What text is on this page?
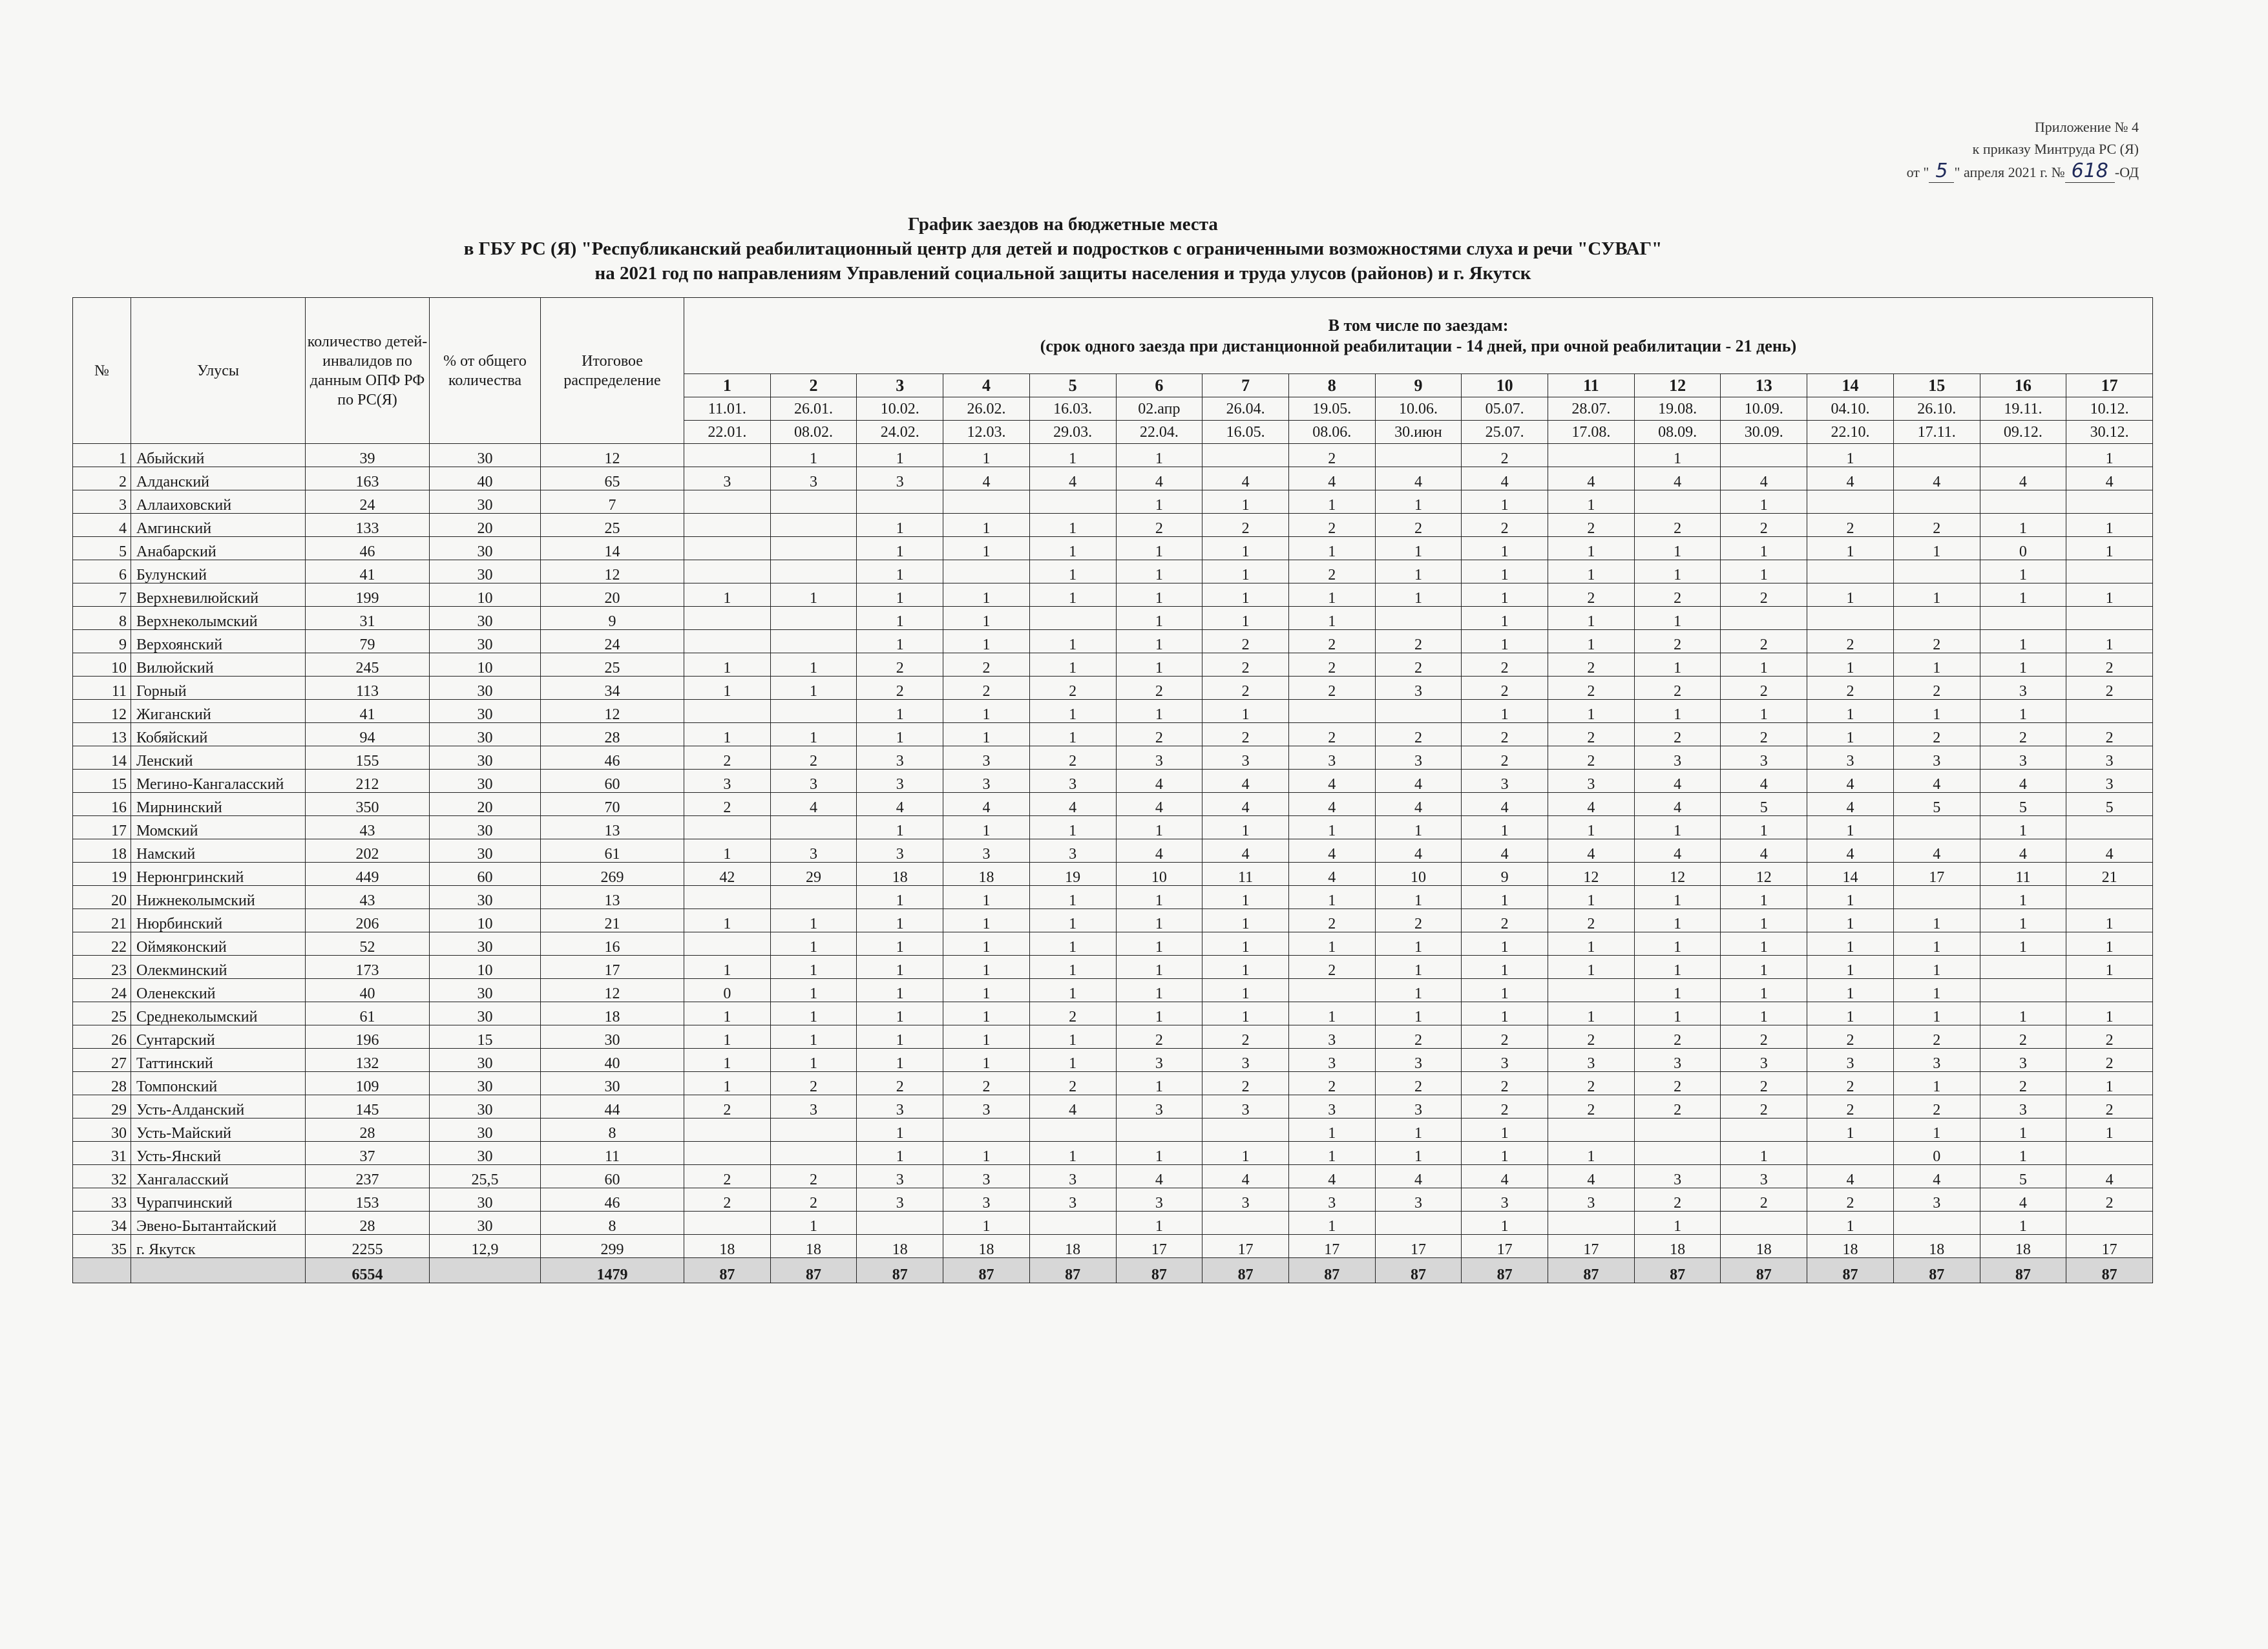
Приложение № 4
к приказу Минтруда РС (Я)
от " 5 " апреля 2021 г. № 618 -ОД
График заездов на бюджетные места
в ГБУ РС (Я) "Республиканский реабилитационный центр для детей и подростков с ограниченными возможностями слуха и речи "СУВАГ"
на 2021 год по направлениям Управлений социальной защиты населения и труда улусов (районов) и г. Якутск
№	Улусы	количество детей-инвалидов по данным ОПФ РФ по РС(Я)	% от общего количества	Итоговое распределение	В том числе по заездам:
(срок одного заезда при дистанционной реабилитации - 14 дней, при очной реабилитации - 21 день)																

					1	2	3	4	5	6	7	8	9	10	11	12	13	14	15	16	17
					11.01.	26.01.	10.02.	26.02.	16.03.	02.апр	26.04.	19.05.	10.06.	05.07.	28.07.	19.08.	10.09.	04.10.	26.10.	19.11.	10.12.
					22.01.	08.02.	24.02.	12.03.	29.03.	22.04.	16.05.	08.06.	30.июн	25.07.	17.08.	08.09.	30.09.	22.10.	17.11.	09.12.	30.12.
1	Абыйский	39	30	12		1	1	1	1	1		2		2		1		1			1
2	Алданский	163	40	65	3	3	3	4	4	4	4	4	4	4	4	4	4	4	4	4	4
3	Аллаиховский	24	30	7						1	1	1	1	1	1		1				
4	Амгинский	133	20	25			1	1	1	2	2	2	2	2	2	2	2	2	2	1	1
5	Анабарский	46	30	14			1	1	1	1	1	1	1	1	1	1	1	1	1	0	1
6	Булунский	41	30	12			1		1	1	1	2	1	1	1	1	1			1	
7	Верхневилюйский	199	10	20	1	1	1	1	1	1	1	1	1	1	2	2	2	1	1	1	1
8	Верхнеколымский	31	30	9			1	1		1	1	1		1	1	1					
9	Верхоянский	79	30	24			1	1	1	1	2	2	2	1	1	2	2	2	2	1	1
10	Вилюйский	245	10	25	1	1	2	2	1	1	2	2	2	2	2	1	1	1	1	1	2
11	Горный	113	30	34	1	1	2	2	2	2	2	2	3	2	2	2	2	2	2	3	2
12	Жиганский	41	30	12			1	1	1	1	1			1	1	1	1	1	1	1	
13	Кобяйский	94	30	28	1	1	1	1	1	2	2	2	2	2	2	2	2	1	2	2	2
14	Ленский	155	30	46	2	2	3	3	2	3	3	3	3	2	2	3	3	3	3	3	3
15	Мегино-Кангаласский	212	30	60	3	3	3	3	3	4	4	4	4	3	3	4	4	4	4	4	3
16	Мирнинский	350	20	70	2	4	4	4	4	4	4	4	4	4	4	4	5	4	5	5	5
17	Момский	43	30	13			1	1	1	1	1	1	1	1	1	1	1	1		1	
18	Намский	202	30	61	1	3	3	3	3	4	4	4	4	4	4	4	4	4	4	4	4
19	Нерюнгринский	449	60	269	42	29	18	18	19	10	11	4	10	9	12	12	12	14	17	11	21
20	Нижнеколымский	43	30	13			1	1	1	1	1	1	1	1	1	1	1	1		1	
21	Нюрбинский	206	10	21	1	1	1	1	1	1	1	2	2	2	2	1	1	1	1	1	1
22	Оймяконский	52	30	16		1	1	1	1	1	1	1	1	1	1	1	1	1	1	1	1
23	Олекминский	173	10	17	1	1	1	1	1	1	1	2	1	1	1	1	1	1	1		1
24	Оленекский	40	30	12	0	1	1	1	1	1	1		1	1		1	1	1	1		
25	Среднеколымский	61	30	18	1	1	1	1	2	1	1	1	1	1	1	1	1	1	1	1	1
26	Сунтарский	196	15	30	1	1	1	1	1	2	2	3	2	2	2	2	2	2	2	2	2
27	Таттинский	132	30	40	1	1	1	1	1	3	3	3	3	3	3	3	3	3	3	3	2
28	Томпонский	109	30	30	1	2	2	2	2	1	2	2	2	2	2	2	2	2	1	2	1
29	Усть-Алданский	145	30	44	2	3	3	3	4	3	3	3	3	2	2	2	2	2	2	3	2
30	Усть-Майский	28	30	8			1					1	1	1				1	1	1	1
31	Усть-Янский	37	30	11			1	1	1	1	1	1	1	1	1		1		0	1	
32	Хангаласский	237	25,5	60	2	2	3	3	3	4	4	4	4	4	4	3	3	4	4	5	4
33	Чурапчинский	153	30	46	2	2	3	3	3	3	3	3	3	3	3	2	2	2	3	4	2
34	Эвено-Бытантайский	28	30	8		1		1		1		1		1		1		1		1	
35	г. Якутск	2255	12,9	299	18	18	18	18	18	17	17	17	17	17	17	18	18	18	18	18	17
		6554		1479	87	87	87	87	87	87	87	87	87	87	87	87	87	87	87	87	87
